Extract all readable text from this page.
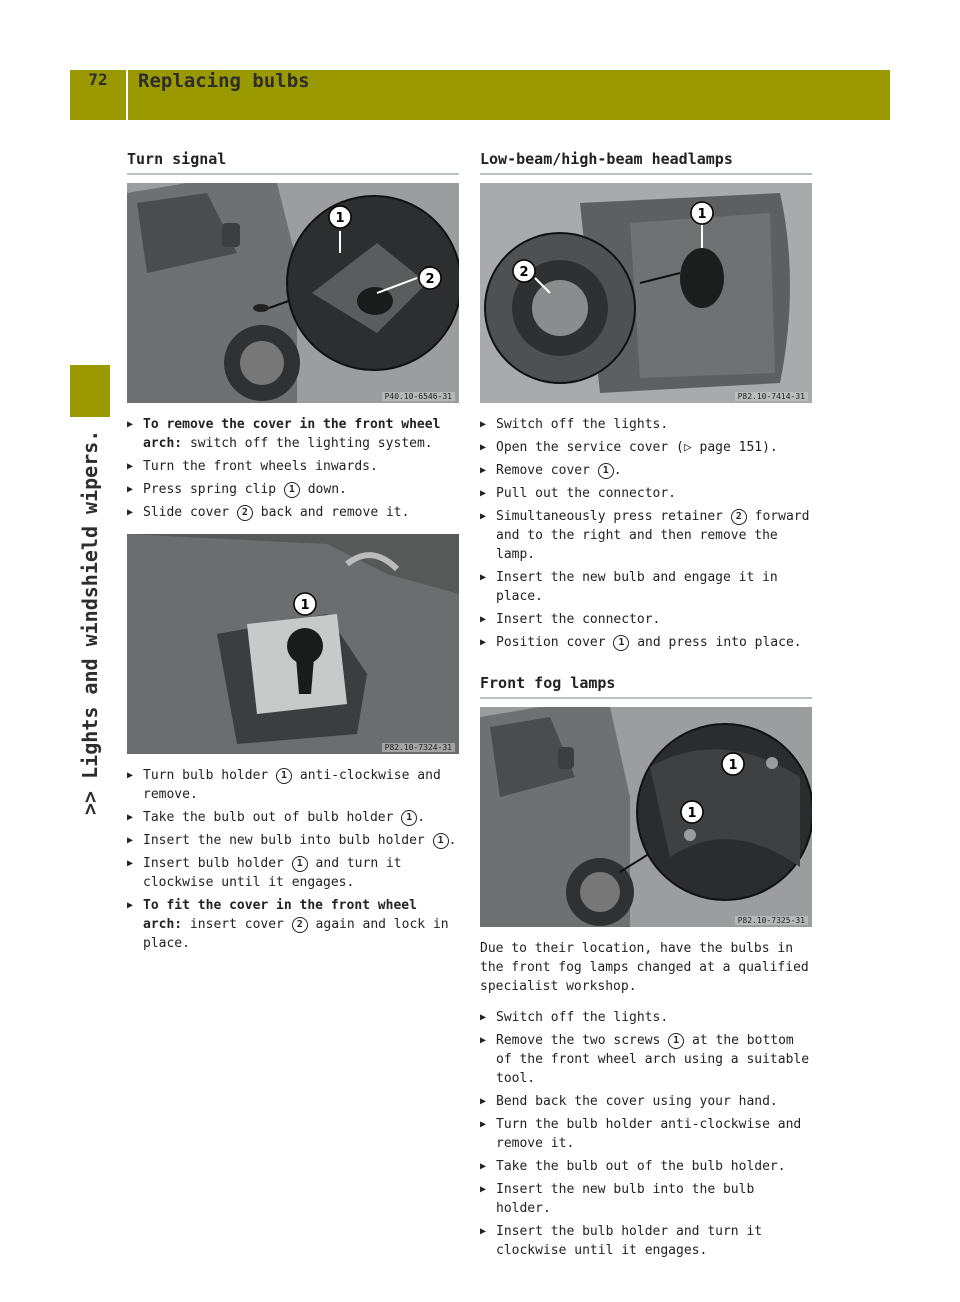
72	Replacing bulbs
>> Lights and windshield wipers.
Turn signal
1
2
P40.10-6546-31
▶ To remove the cover in the front wheel arch: switch off the lighting system.
▶ Turn the front wheels inwards.
▶ Press spring clip 1 down.
▶ Slide cover 2 back and remove it.
1
P82.10-7324-31
▶ Turn bulb holder 1 anti-clockwise and remove.
▶ Take the bulb out of bulb holder 1 .
▶ Insert the new bulb into bulb holder 1 .
▶ Insert bulb holder 1 and turn it clockwise until it engages.
▶ To fit the cover in the front wheel arch: insert cover 2 again and lock in place.
Low-beam/high-beam headlamps
1
2
P82.10-7414-31
▶ Switch off the lights.
▶ Open the service cover (▷ page 151).
▶ Remove cover 1 .
▶ Pull out the connector.
▶ Simultaneously press retainer 2 forward and to the right and then remove the lamp.
▶ Insert the new bulb and engage it in place.
▶ Insert the connector.
▶ Position cover 1 and press into place.
Front fog lamps
1
1
P82.10-7325-31

Due to their location, have the bulbs in the front fog lamps changed at a qualified specialist workshop.

▶ Switch off the lights.
▶ Remove the two screws 1 at the bottom of the front wheel arch using a suitable tool.
▶ Bend back the cover using your hand.
▶ Turn the bulb holder anti-clockwise and remove it.
▶ Take the bulb out of the bulb holder.
▶ Insert the new bulb into the bulb holder.
▶ Insert the bulb holder and turn it clockwise until it engages.
